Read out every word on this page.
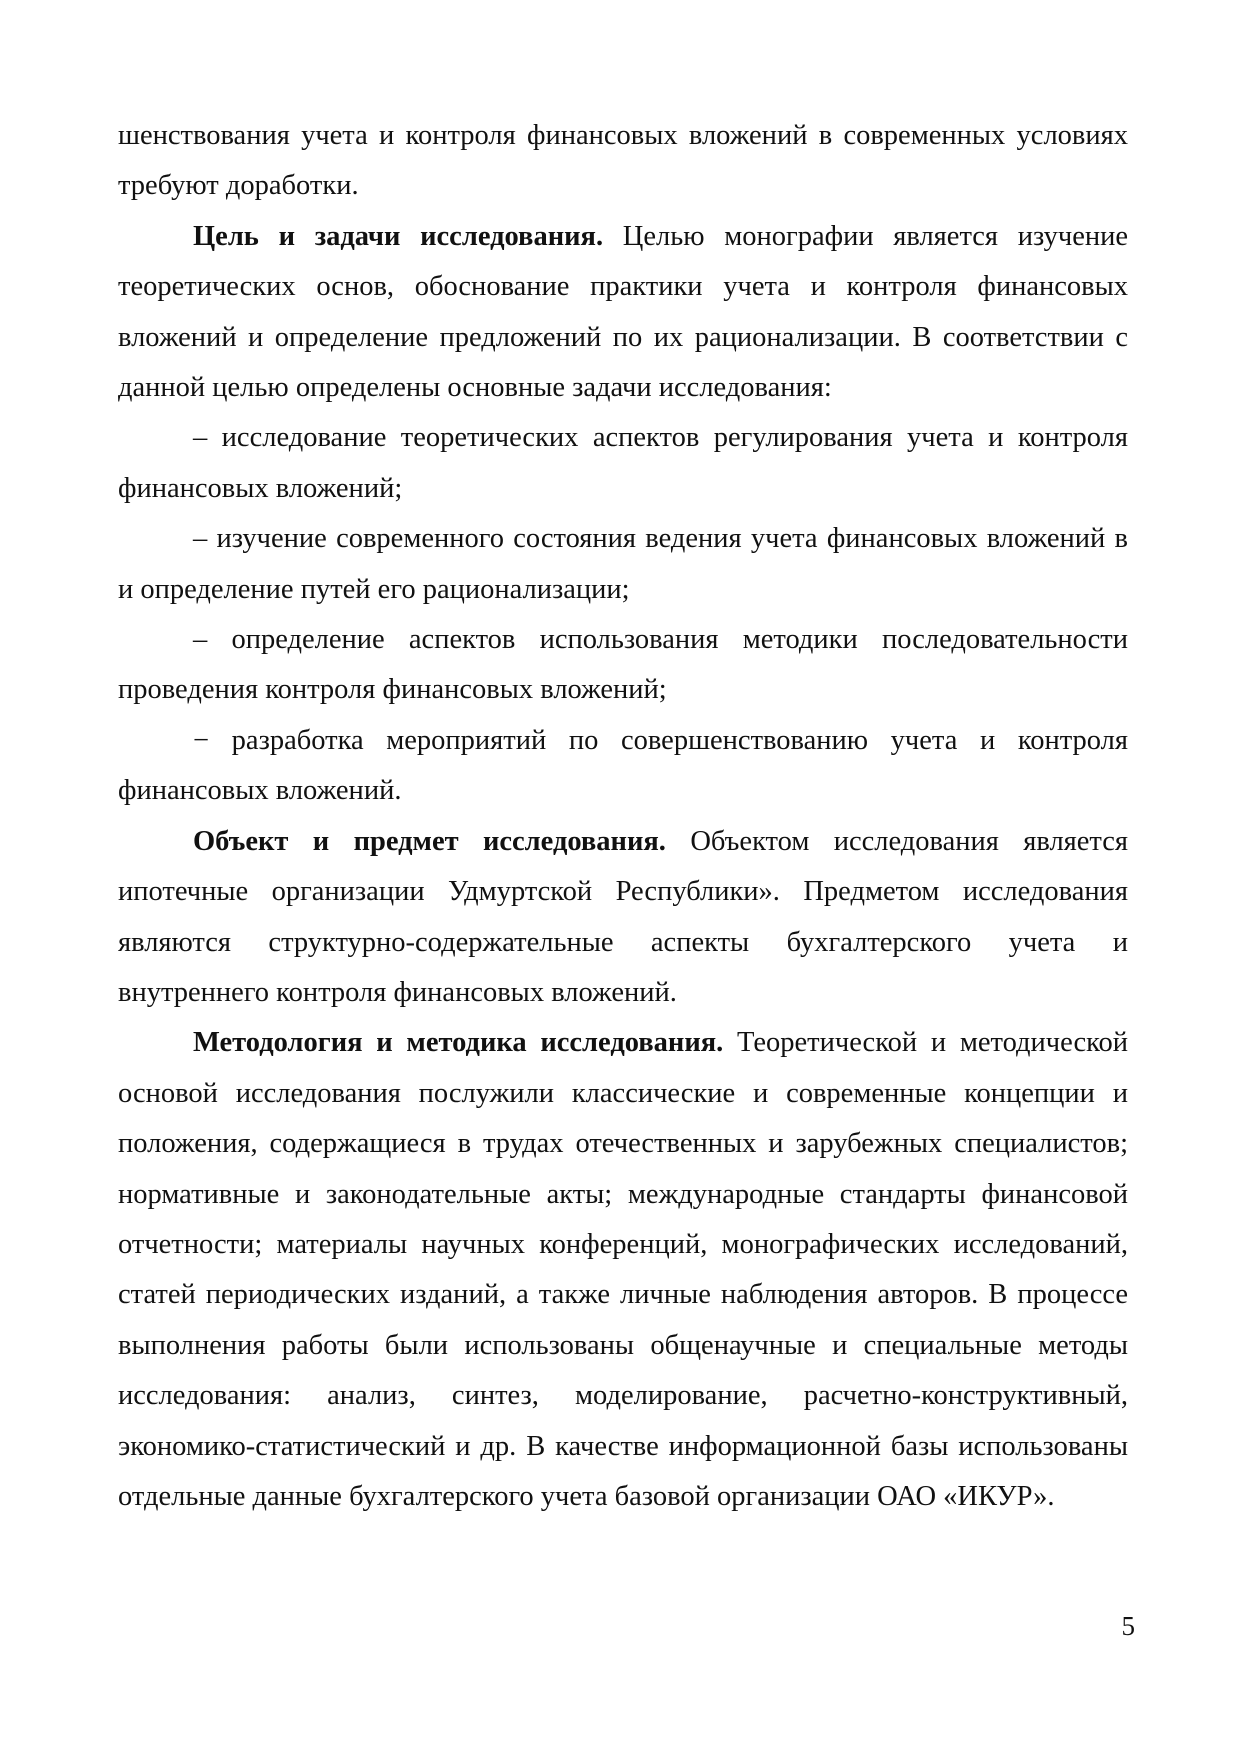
шенствования учета и контроля финансовых вложений в современных условиях требуют доработки.

Цель и задачи исследования. Целью монографии является изучение теоретических основ, обоснование практики учета и контроля финансовых вложений и определение предложений по их рационализации. В соответствии с данной целью определены основные задачи исследования:

– исследование теоретических аспектов регулирования учета и контроля финансовых вложений;

– изучение современного состояния ведения учета финансовых вложений в и определение путей его рационализации;

– определение аспектов использования методики последовательности проведения контроля финансовых вложений;

− разработка мероприятий по совершенствованию учета и контроля финансовых вложений.

Объект и предмет исследования. Объектом исследования является ипотечные организации Удмуртской Республики». Предметом исследования являются структурно-содержательные аспекты бухгалтерского учета и внутреннего контроля финансовых вложений.

Методология и методика исследования. Теоретической и методической основой исследования послужили классические и современные концепции и положения, содержащиеся в трудах отечественных и зарубежных специалистов; нормативные и законодательные акты; международные стандарты финансовой отчетности; материалы научных конференций, монографических исследований, статей периодических изданий, а также личные наблюдения авторов. В процессе выполнения работы были использованы общенаучные и специальные методы исследования: анализ, синтез, моделирование, расчетно-конструктивный, экономико-статистический и др. В качестве информационной базы использованы отдельные данные бухгалтерского учета базовой организации ОАО «ИКУР».

5
